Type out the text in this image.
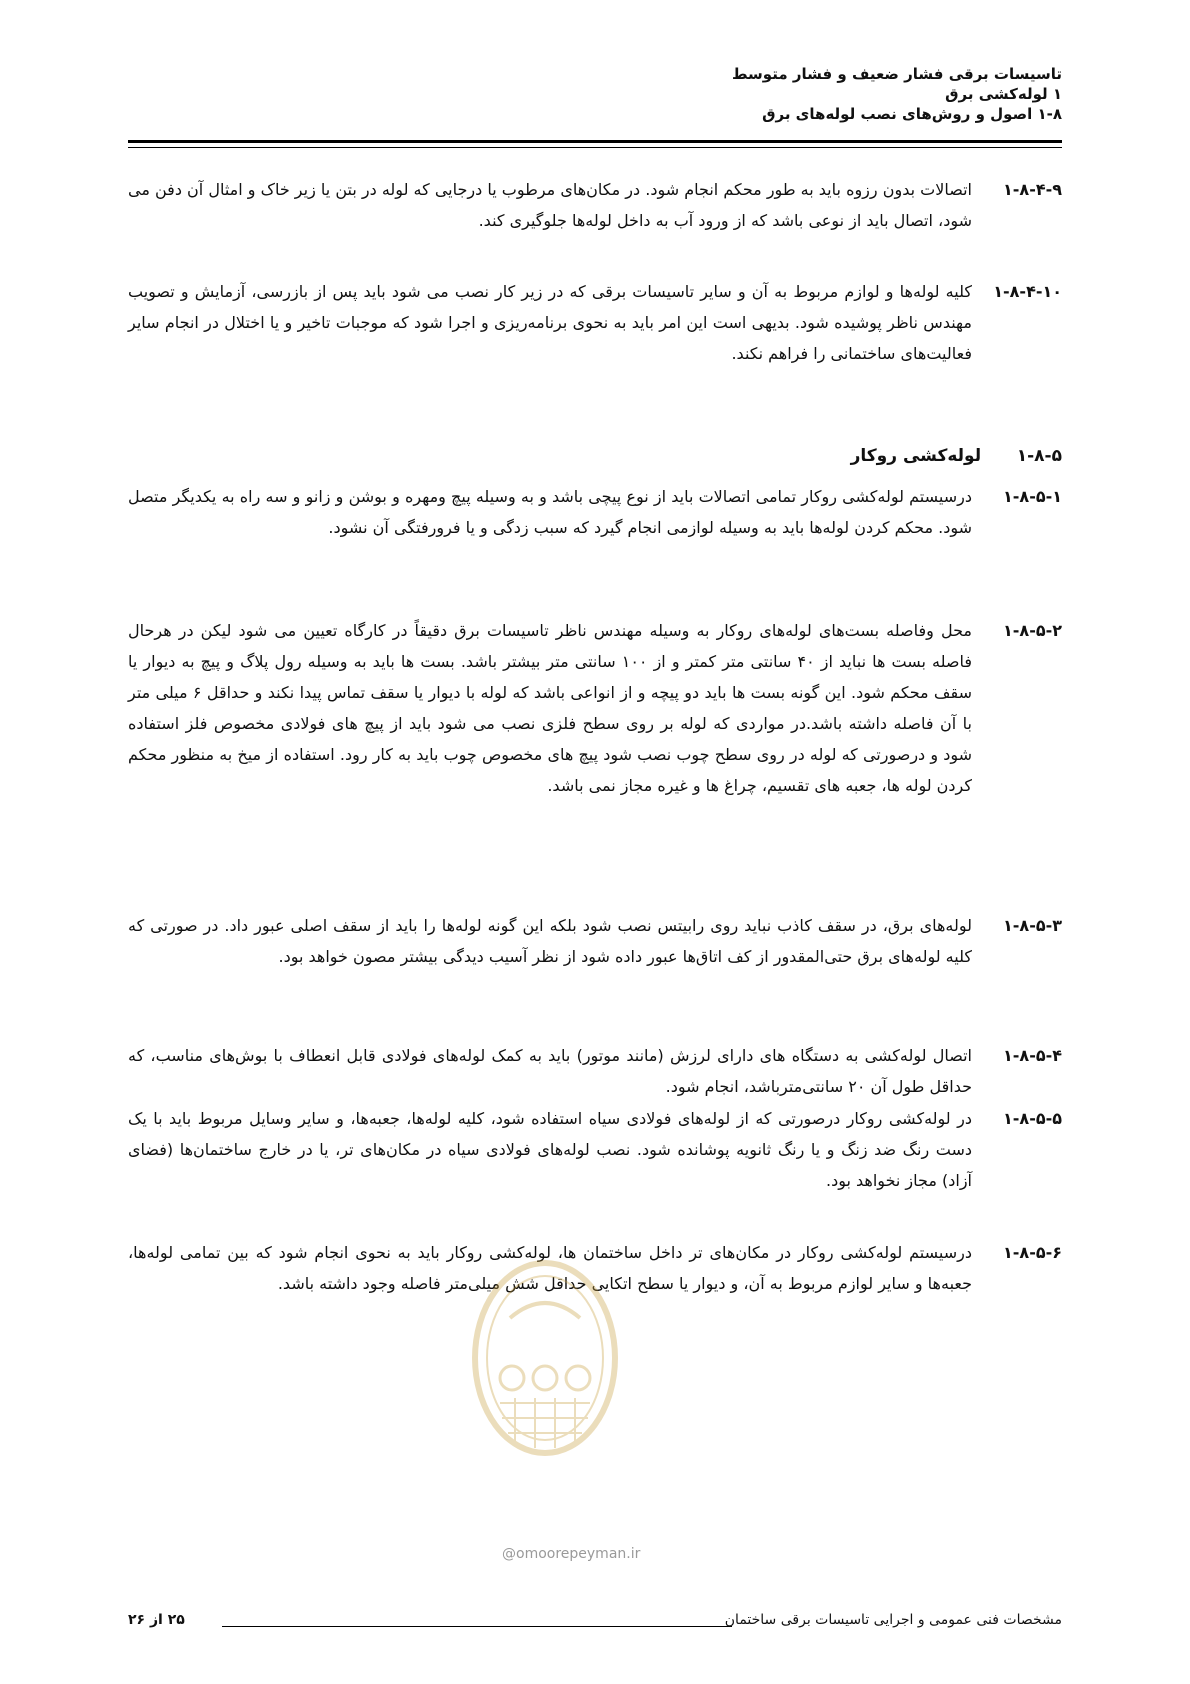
تاسیسات برقی فشار ضعیف و فشار متوسط
۱ لوله‌کشی برق
۱-۸ اصول و روش‌های نصب لوله‌های برق
۱-۸-۴-۹
اتصالات بدون رزوه باید به طور محکم انجام شود. در مکان‌های مرطوب یا درجایی که لوله در بتن یا زیر خاک و امثال آن دفن می شود، اتصال باید از نوعی باشد که از ورود آب به داخل لوله‌ها جلوگیری کند.
۱-۸-۴-۱۰
کلیه لوله‌ها و لوازم مربوط به آن و سایر تاسیسات برقی که در زیر کار نصب می شود باید پس از بازرسی، آزمایش و تصویب مهندس ناظر پوشیده شود. بدیهی است این امر باید به نحوی برنامه‌ریزی و اجرا شود که موجبات تاخیر و یا اختلال در انجام سایر فعالیت‌های ساختمانی را فراهم نکند.
۱-۸-۵ لوله‌کشی روکار
۱-۸-۵-۱
درسیستم لوله‌کشی روکار تمامی اتصالات باید از نوع پیچی باشد و به وسیله پیچ ومهره و بوشن و زانو و سه راه به یکدیگر متصل شود. محکم کردن لوله‌ها باید به وسیله لوازمی انجام گیرد که سبب زدگی و یا فرورفتگی آن نشود.
۱-۸-۵-۲
محل وفاصله بست‌های لوله‌های روکار به وسیله مهندس ناظر تاسیسات برق دقیقاً در کارگاه تعیین می شود لیکن در هرحال فاصله بست ها نباید از ۴۰ سانتی متر کمتر و از ۱۰۰ سانتی متر بیشتر باشد. بست ها باید به وسیله رول پلاگ و پیچ به دیوار یا سقف محکم شود. این گونه بست ها باید دو پیچه و از انواعی باشد که لوله با دیوار یا سقف تماس پیدا نکند و حداقل ۶ میلی متر با آن فاصله داشته باشد.در مواردی که لوله بر روی سطح فلزی نصب می شود باید از پیچ های فولادی مخصوص فلز استفاده شود و درصورتی که لوله در روی سطح چوب نصب شود پیچ های مخصوص چوب باید به کار رود. استفاده از میخ به منظور محکم کردن لوله ها، جعبه های تقسیم، چراغ ها و غیره مجاز نمی باشد.
۱-۸-۵-۳
لوله‌های برق، در سقف کاذب نباید روی رابیتس نصب شود بلکه این گونه لوله‌ها را باید از سقف اصلی عبور داد. در صورتی که کلیه لوله‌های برق حتی‌المقدور از کف اتاق‌ها عبور داده شود از نظر آسیب دیدگی بیشتر مصون خواهد بود.
۱-۸-۵-۴
اتصال لوله‌کشی به دستگاه های دارای لرزش (مانند موتور) باید به کمک لوله‌های فولادی قابل انعطاف با بوش‌های مناسب، که حداقل طول آن ۲۰ سانتی‌متر‌باشد، انجام شود.
۱-۸-۵-۵
در لوله‌کشی روکار درصورتی که از لوله‌های فولادی سیاه استفاده شود، کلیه لوله‌ها، جعبه‌ها، و سایر وسایل مربوط باید با یک دست رنگ ضد زنگ و یا رنگ ثانویه پوشانده شود. نصب لوله‌های فولادی سیاه در مکان‌های تر، یا در خارج ساختمان‌ها (فضای آزاد) مجاز نخواهد بود.
۱-۸-۵-۶
درسیستم لوله‌کشی روکار در مکان‌های تر داخل ساختمان ها، لوله‌کشی روکار باید به نحوی انجام شود که بین تمامی لوله‌ها، جعبه‌ها و سایر لوازم مربوط به آن، و دیوار یا سطح اتکایی حداقل شش میلی‌متر فاصله وجود داشته باشد.
@omoorepeyman.ir
۲۵ از ۲۶	مشخصات فنی عمومی و اجرایی تاسیسات برقی ساختمان
